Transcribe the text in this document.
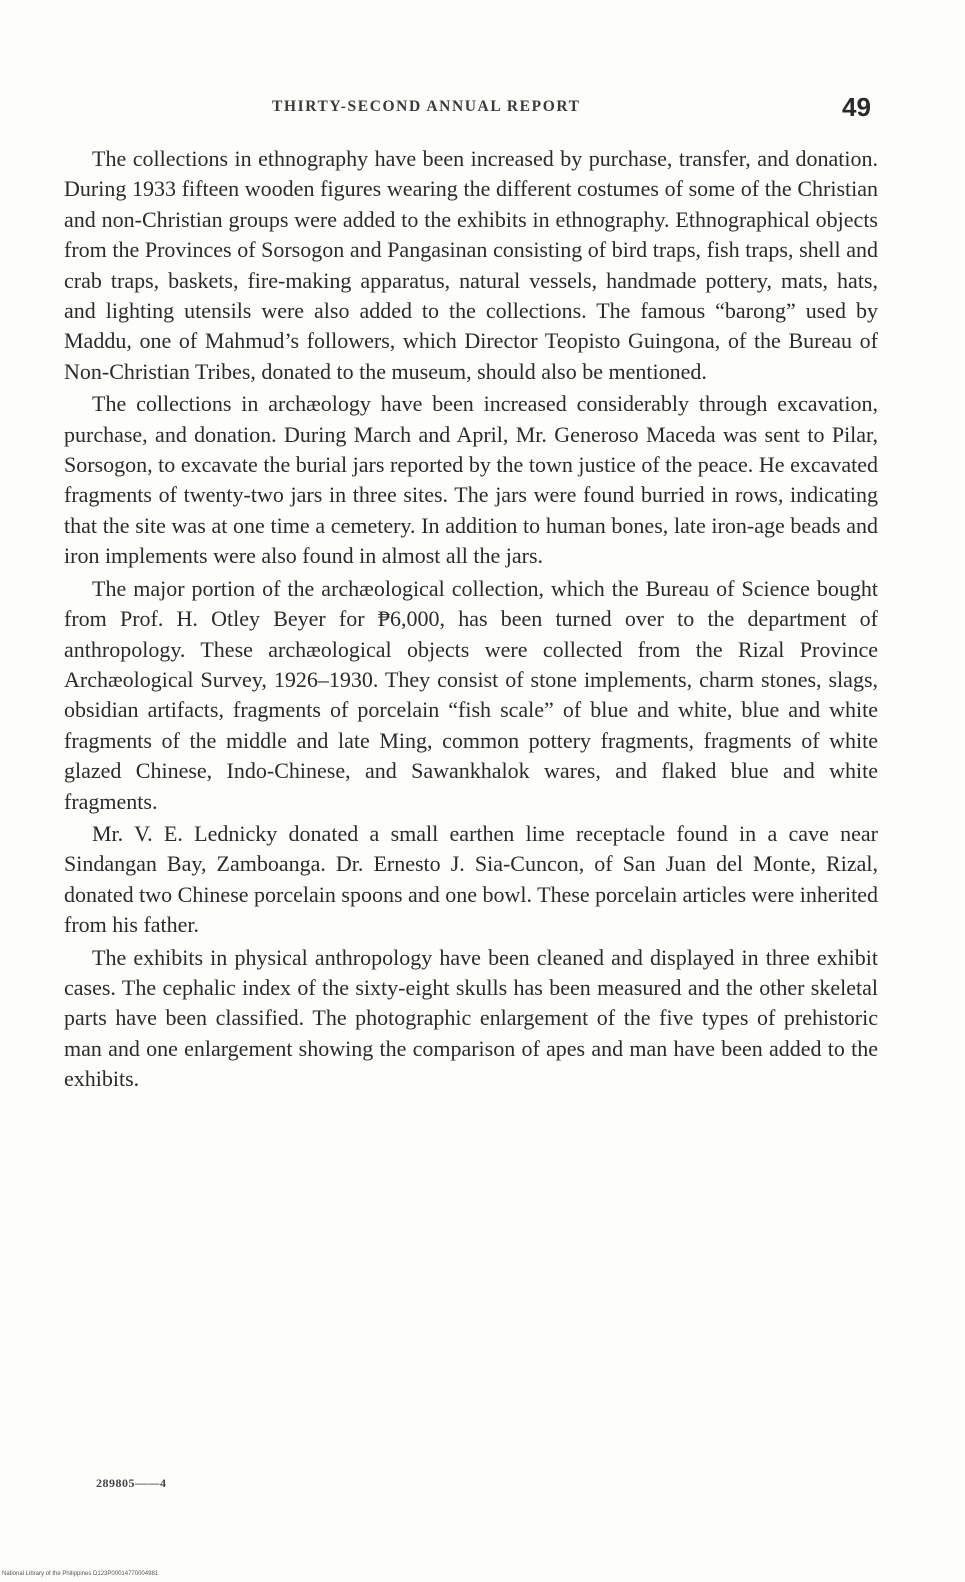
THIRTY-SECOND ANNUAL REPORT	49

The collections in ethnography have been increased by purchase, transfer, and donation. During 1933 fifteen wooden figures wearing the different costumes of some of the Christian and non-Christian groups were added to the exhibits in ethnography. Ethnographical objects from the Provinces of Sorsogon and Pangasinan consisting of bird traps, fish traps, shell and crab traps, baskets, fire-making apparatus, natural vessels, handmade pottery, mats, hats, and lighting utensils were also added to the collections. The famous “barong” used by Maddu, one of Mahmud’s followers, which Director Teopisto Guingona, of the Bureau of Non-Christian Tribes, donated to the museum, should also be mentioned.

The collections in archæology have been increased considerably through excavation, purchase, and donation. During March and April, Mr. Generoso Maceda was sent to Pilar, Sorsogon, to excavate the burial jars reported by the town justice of the peace. He excavated fragments of twenty-two jars in three sites. The jars were found burried in rows, indicating that the site was at one time a cemetery. In addition to human bones, late iron-age beads and iron implements were also found in almost all the jars.

The major portion of the archæological collection, which the Bureau of Science bought from Prof. H. Otley Beyer for ₱6,000, has been turned over to the department of anthropology. These archæological objects were collected from the Rizal Province Archæological Survey, 1926–1930. They consist of stone implements, charm stones, slags, obsidian artifacts, fragments of porcelain “fish scale” of blue and white, blue and white fragments of the middle and late Ming, common pottery fragments, fragments of white glazed Chinese, Indo-Chinese, and Sawankhalok wares, and flaked blue and white fragments.

Mr. V. E. Lednicky donated a small earthen lime receptacle found in a cave near Sindangan Bay, Zamboanga. Dr. Ernesto J. Sia-Cuncon, of San Juan del Monte, Rizal, donated two Chinese porcelain spoons and one bowl. These porcelain articles were inherited from his father.

The exhibits in physical anthropology have been cleaned and displayed in three exhibit cases. The cephalic index of the sixty-eight skulls has been measured and the other skeletal parts have been classified. The photographic enlargement of the five types of prehistoric man and one enlargement showing the comparison of apes and man have been added to the exhibits.

289805——4
National Library of the Philippines D123P00014770004981
